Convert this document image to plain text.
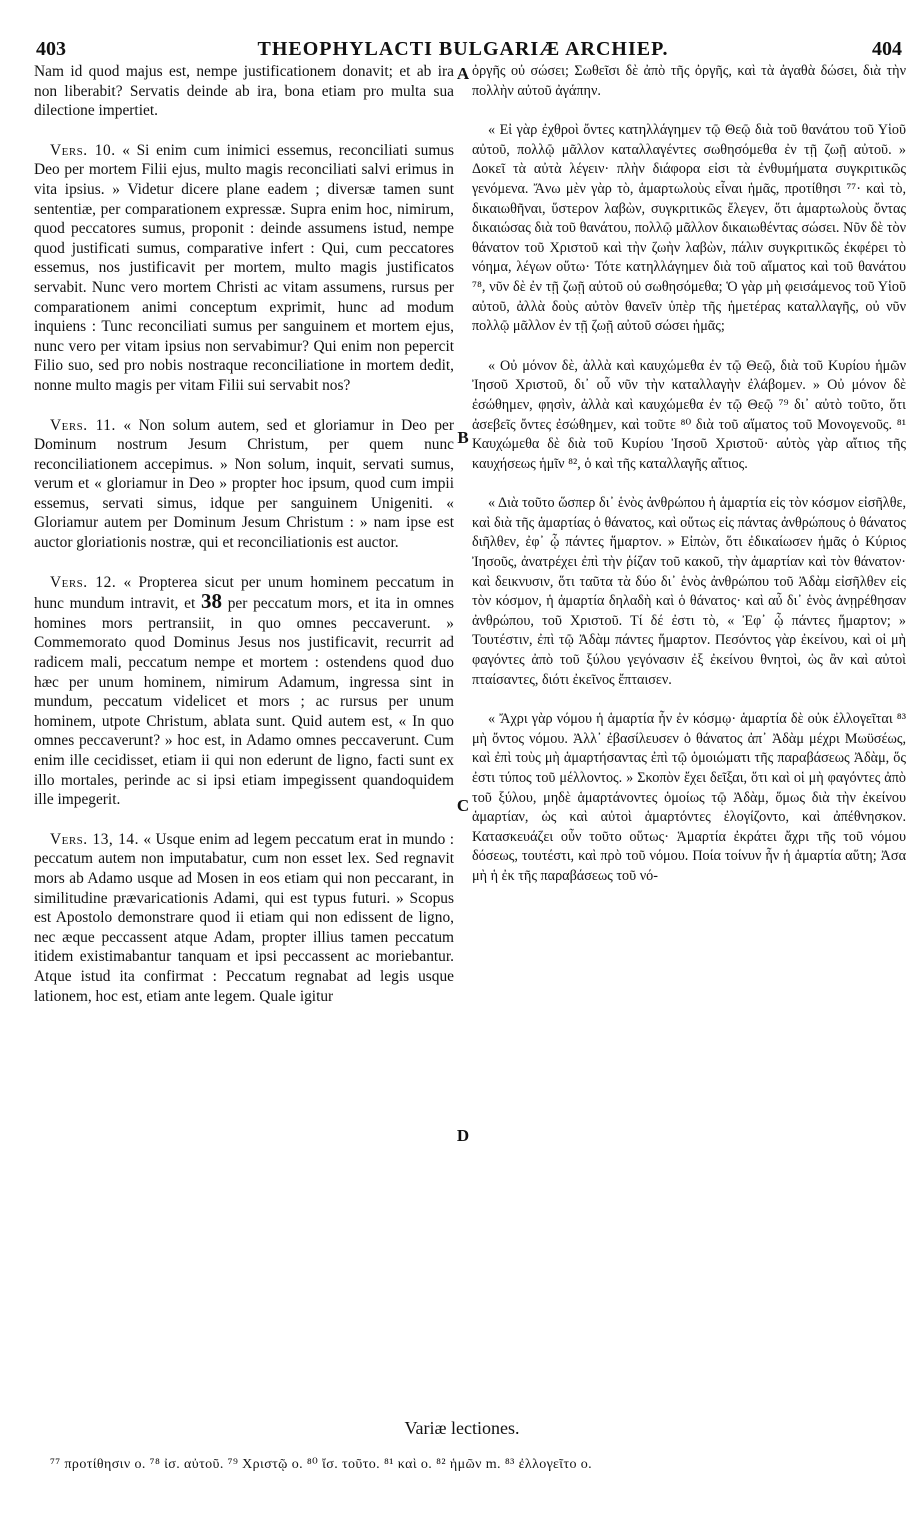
403	THEOPHYLACTI BULGARIÆ ARCHIEP.	404

Nam id quod majus est, nempe justificationem donavit; et ab ira non liberabit? Servatis deinde ab ira, bona etiam pro multa sua dilectione impertiet.

Vers. 10. « Si enim cum inimici essemus, reconciliati sumus Deo per mortem Filii ejus, multo magis reconciliati salvi erimus in vita ipsius. » Videtur dicere plane eadem ; diversæ tamen sunt sententiæ, per comparationem expressæ. Supra enim hoc, nimirum, quod peccatores sumus, proponit : deinde assumens istud, nempe quod justificati sumus, comparative infert : Qui, cum peccatores essemus, nos justificavit per mortem, multo magis justificatos servabit. Nunc vero mortem Christi ac vitam assumens, rursus per comparationem animi conceptum exprimit, hunc ad modum inquiens : Tunc reconciliati sumus per sanguinem et mortem ejus, nunc vero per vitam ipsius non servabimur? Qui enim non pepercit Filio suo, sed pro nobis nostraque reconciliatione in mortem dedit, nonne multo magis per vitam Filii sui servabit nos?

Vers. 11. « Non solum autem, sed et gloriamur in Deo per Dominum nostrum Jesum Christum, per quem nunc reconciliationem accepimus. » Non solum, inquit, servati sumus, verum et « gloriamur in Deo » propter hoc ipsum, quod cum impii essemus, servati simus, idque per sanguinem Unigeniti. « Gloriamur autem per Dominum Jesum Christum : » nam ipse est auctor gloriationis nostræ, qui et reconciliationis est auctor.

Vers. 12. « Propterea sicut per unum hominem peccatum in hunc mundum intravit, et 38 per peccatum mors, et ita in omnes homines mors pertransiit, in quo omnes peccaverunt. » Commemorato quod Dominus Jesus nos justificavit, recurrit ad radicem mali, peccatum nempe et mortem : ostendens quod duo hæc per unum hominem, nimirum Adamum, ingressa sint in mundum, peccatum videlicet et mors ; ac rursus per unum hominem, utpote Christum, ablata sunt. Quid autem est, « In quo omnes peccaverunt? » hoc est, in Adamo omnes peccaverunt. Cum enim ille cecidisset, etiam ii qui non ederunt de ligno, facti sunt ex illo mortales, perinde ac si ipsi etiam impegissent quandoquidem ille impegerit.

Vers. 13, 14. « Usque enim ad legem peccatum erat in mundo : peccatum autem non imputabatur, cum non esset lex. Sed regnavit mors ab Adamo usque ad Mosen in eos etiam qui non peccarant, in similitudine prævaricationis Adami, qui est typus futuri. » Scopus est Apostolo demonstrare quod ii etiam qui non edissent de ligno, nec æque peccassent atque Adam, propter illius tamen peccatum itidem existimabantur tanquam et ipsi peccassent ac moriebantur. Atque istud ita confirmat : Peccatum regnabat ad legis usque lationem, hoc est, etiam ante legem. Quale igitur

A
B
C
D

ὀργῆς οὐ σώσει; Σωθεῖσι δὲ ἀπὸ τῆς ὀργῆς, καὶ τὰ ἀγαθὰ δώσει, διὰ τὴν πολλὴν αὐτοῦ ἀγάπην.

« Εἰ γὰρ ἐχθροὶ ὄντες κατηλλάγημεν τῷ Θεῷ διὰ τοῦ θανάτου τοῦ Υἱοῦ αὐτοῦ, πολλῷ μᾶλλον καταλλαγέντες σωθησόμεθα ἐν τῇ ζωῇ αὐτοῦ. » Δοκεῖ τὰ αὐτὰ λέγειν· πλὴν διάφορα εἰσι τὰ ἐνθυμήματα συγκριτικῶς γενόμενα. Ἄνω μὲν γὰρ τὸ, ἁμαρτωλοὺς εἶναι ἡμᾶς, προτίθησι ⁷⁷· καὶ τὸ, δικαιωθῆναι, ὕστερον λαβὼν, συγκριτικῶς ἔλεγεν, ὅτι ἁμαρτωλοὺς ὄντας δικαιώσας διὰ τοῦ θανάτου, πολλῷ μᾶλλον δικαιωθέντας σώσει. Νῦν δὲ τὸν θάνατον τοῦ Χριστοῦ καὶ τὴν ζωὴν λαβὼν, πάλιν συγκριτικῶς ἐκφέρει τὸ νόημα, λέγων οὕτω· Τότε κατηλλάγημεν διὰ τοῦ αἵματος καὶ τοῦ θανάτου ⁷⁸, νῦν δὲ ἐν τῇ ζωῇ αὐτοῦ οὐ σωθησόμεθα; Ὁ γὰρ μὴ φεισάμενος τοῦ Υἱοῦ αὐτοῦ, ἀλλὰ δοὺς αὐτὸν θανεῖν ὑπὲρ τῆς ἡμετέρας καταλλαγῆς, οὐ νῦν πολλῷ μᾶλλον ἐν τῇ ζωῇ αὐτοῦ σώσει ἡμᾶς;

« Οὐ μόνον δὲ, ἀλλὰ καὶ καυχώμεθα ἐν τῷ Θεῷ, διὰ τοῦ Κυρίου ἡμῶν Ἰησοῦ Χριστοῦ, δι᾽ οὗ νῦν τὴν καταλλαγὴν ἐλάβομεν. » Οὐ μόνον δὲ ἐσώθημεν, φησὶν, ἀλλὰ καὶ καυχώμεθα ἐν τῷ Θεῷ ⁷⁹ δι᾽ αὐτὸ τοῦτο, ὅτι ἀσεβεῖς ὄντες ἐσώθημεν, καὶ τοῦτε ⁸⁰ διὰ τοῦ αἵματος τοῦ Μονογενοῦς. ⁸¹ Καυχώμεθα δὲ διὰ τοῦ Κυρίου Ἰησοῦ Χριστοῦ· αὐτὸς γὰρ αἴτιος τῆς καυχήσεως ἡμῖν ⁸², ὁ καὶ τῆς καταλλαγῆς αἴτιος.

« Διὰ τοῦτο ὥσπερ δι᾽ ἑνὸς ἀνθρώπου ἡ ἁμαρτία εἰς τὸν κόσμον εἰσῆλθε, καὶ διὰ τῆς ἁμαρτίας ὁ θάνατος, καὶ οὕτως εἰς πάντας ἀνθρώπους ὁ θάνατος διῆλθεν, ἐφ᾽ ᾧ πάντες ἥμαρτον. » Εἰπὼν, ὅτι ἐδικαίωσεν ἡμᾶς ὁ Κύριος Ἰησοῦς, ἀνατρέχει ἐπὶ τὴν ῥίζαν τοῦ κακοῦ, τὴν ἁμαρτίαν καὶ τὸν θάνατον· καὶ δεικνυσιν, ὅτι ταῦτα τὰ δύο δι᾽ ἑνὸς ἀνθρώπου τοῦ Ἀδὰμ εἰσῆλθεν εἰς τὸν κόσμον, ἡ ἁμαρτία δηλαδὴ καὶ ὁ θάνατος· καὶ αὖ δι᾽ ἑνὸς ἀνῃρέθησαν ἀνθρώπου, τοῦ Χριστοῦ. Τί δέ ἐστι τὸ, « Ἐφ᾽ ᾧ πάντες ἥμαρτον; » Τουτέστιν, ἐπὶ τῷ Ἀδὰμ πάντες ἥμαρτον. Πεσόντος γὰρ ἐκείνου, καὶ οἱ μὴ φαγόντες ἀπὸ τοῦ ξύλου γεγόνασιν ἐξ ἐκείνου θνητοὶ, ὡς ἂν καὶ αὐτοὶ πταίσαντες, διότι ἐκεῖνος ἔπταισεν.

« Ἄχρι γὰρ νόμου ἡ ἁμαρτία ἦν ἐν κόσμῳ· ἁμαρτία δὲ οὐκ ἐλλογεῖται ⁸³ μὴ ὄντος νόμου. Ἀλλ᾽ ἐβασίλευσεν ὁ θάνατος ἀπ᾽ Ἀδὰμ μέχρι Μωϋσέως, καὶ ἐπὶ τοὺς μὴ ἁμαρτήσαντας ἐπὶ τῷ ὁμοιώματι τῆς παραβάσεως Ἀδὰμ, ὅς ἐστι τύπος τοῦ μέλλοντος. » Σκοπὸν ἔχει δεῖξαι, ὅτι καὶ οἱ μὴ φαγόντες ἀπὸ τοῦ ξύλου, μηδὲ ἁμαρτάνοντες ὁμοίως τῷ Ἀδὰμ, ὅμως διὰ τὴν ἐκείνου ἁμαρτίαν, ὡς καὶ αὐτοὶ ἁμαρτόντες ἐλογίζοντο, καὶ ἀπέθνησκον. Κατασκευάζει οὖν τοῦτο οὕτως· Ἁμαρτία ἐκράτει ἄχρι τῆς τοῦ νόμου δόσεως, τουτέστι, καὶ πρὸ τοῦ νόμου. Ποία τοίνυν ἦν ἡ ἁμαρτία αὕτη; Ἀσα μὴ ἡ ἐκ τῆς παραβάσεως τοῦ νό-

Variæ lectiones.
⁷⁷ προτίθησιν ο. ⁷⁸ ἰσ. αὐτοῦ. ⁷⁹ Χριστῷ ο. ⁸⁰ ἴσ. τοῦτο. ⁸¹ καὶ ο. ⁸² ἡμῶν m. ⁸³ ἐλλογεῖτο ο.
